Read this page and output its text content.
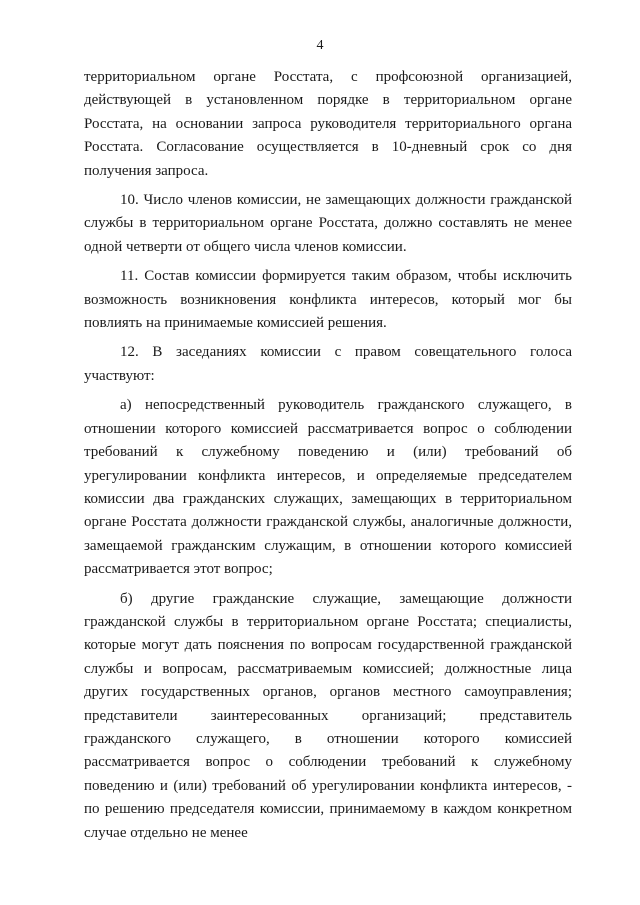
4

территориальном органе Росстата, с профсоюзной организацией, действующей в установленном порядке в территориальном органе Росстата, на основании запроса руководителя территориального органа Росстата. Согласование осуществляется в 10-дневный срок со дня получения запроса.

10. Число членов комиссии, не замещающих должности гражданской службы в территориальном органе Росстата, должно составлять не менее одной четверти от общего числа членов комиссии.

11. Состав комиссии формируется таким образом, чтобы исключить возможность возникновения конфликта интересов, который мог бы повлиять на принимаемые комиссией решения.

12. В заседаниях комиссии с правом совещательного голоса участвуют:

а) непосредственный руководитель гражданского служащего, в отношении которого комиссией рассматривается вопрос о соблюдении требований к служебному поведению и (или) требований об урегулировании конфликта интересов, и определяемые председателем комиссии два гражданских служащих, замещающих в территориальном органе Росстата должности гражданской службы, аналогичные должности, замещаемой гражданским служащим, в отношении которого комиссией рассматривается этот вопрос;

б) другие гражданские служащие, замещающие должности гражданской службы в территориальном органе Росстата; специалисты, которые могут дать пояснения по вопросам государственной гражданской службы и вопросам, рассматриваемым комиссией; должностные лица других государственных органов, органов местного самоуправления; представители заинтересованных организаций; представитель гражданского служащего, в отношении которого комиссией рассматривается вопрос о соблюдении требований к служебному поведению и (или) требований об урегулировании конфликта интересов, - по решению председателя комиссии, принимаемому в каждом конкретном случае отдельно не менее
